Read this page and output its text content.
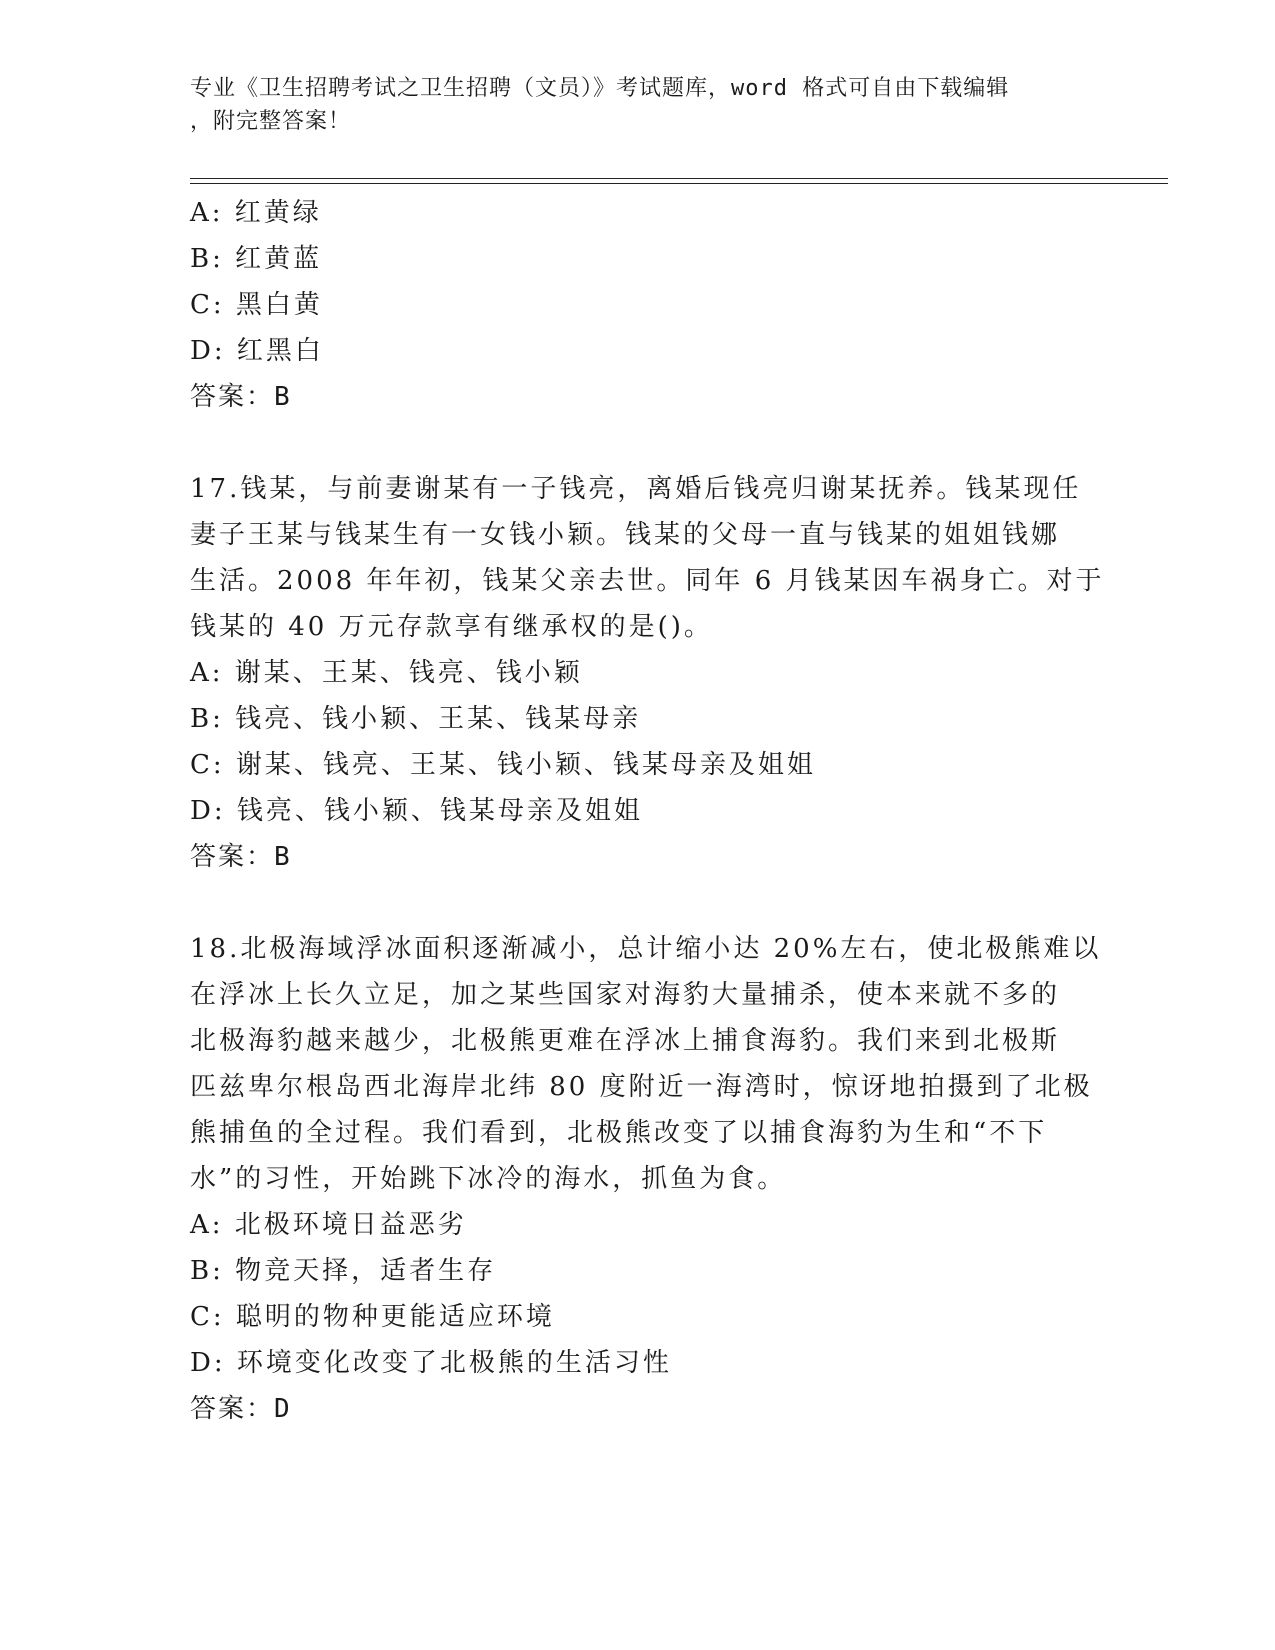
专业《卫生招聘考试之卫生招聘（文员）》考试题库，word 格式可自由下载编辑
，附完整答案！
A: 红黄绿
B: 红黄蓝
C: 黑白黄
D: 红黑白
答案：B
17.钱某，与前妻谢某有一子钱亮，离婚后钱亮归谢某抚养。钱某现任
妻子王某与钱某生有一女钱小颖。钱某的父母一直与钱某的姐姐钱娜
生活。2008 年年初，钱某父亲去世。同年 6 月钱某因车祸身亡。对于
钱某的 40 万元存款享有继承权的是()。
A: 谢某、王某、钱亮、钱小颖
B: 钱亮、钱小颖、王某、钱某母亲
C: 谢某、钱亮、王某、钱小颖、钱某母亲及姐姐
D: 钱亮、钱小颖、钱某母亲及姐姐
答案：B
18.北极海域浮冰面积逐渐减小，总计缩小达 20%左右，使北极熊难以
在浮冰上长久立足，加之某些国家对海豹大量捕杀，使本来就不多的
北极海豹越来越少，北极熊更难在浮冰上捕食海豹。我们来到北极斯
匹兹卑尔根岛西北海岸北纬 80 度附近一海湾时，惊讶地拍摄到了北极
熊捕鱼的全过程。我们看到，北极熊改变了以捕食海豹为生和“不下
水”的习性，开始跳下冰冷的海水，抓鱼为食。
A: 北极环境日益恶劣
B: 物竞天择，适者生存
C: 聪明的物种更能适应环境
D: 环境变化改变了北极熊的生活习性
答案：D
